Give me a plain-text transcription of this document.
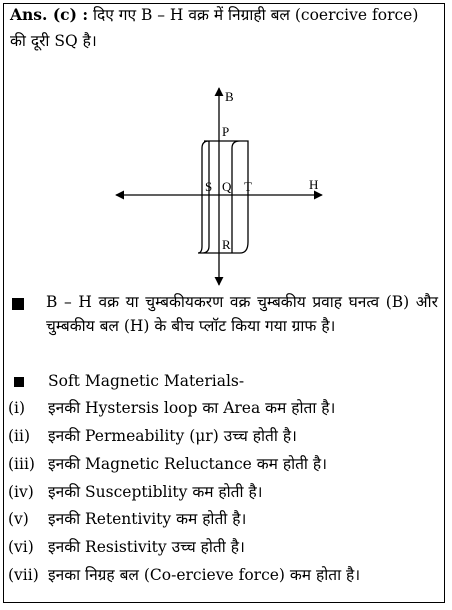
Ans. (c) : दिए गए B – H वक्र में निग्राही बल (coercive force)
की दूरी SQ है।
B
P
S Q T	H
R
B – H वक्र या चुम्बकीयकरण वक्र चुम्बकीय प्रवाह घनत्व (B) और चुम्बकीय बल (H) के बीच प्लॉट किया गया ग्राफ है।
Soft Magnetic Materials-
(i) इनकी Hystersis loop का Area कम होता है।
(ii) इनकी Permeability (μr) उच्च होती है।
(iii) इनकी Magnetic Reluctance कम होती है।
(iv) इनकी Susceptiblity कम होती है।
(v) इनकी Retentivity कम होती है।
(vi) इनकी Resistivity उच्च होती है।
(vii) इनका निग्रह बल (Co-ercieve force) कम होता है।
